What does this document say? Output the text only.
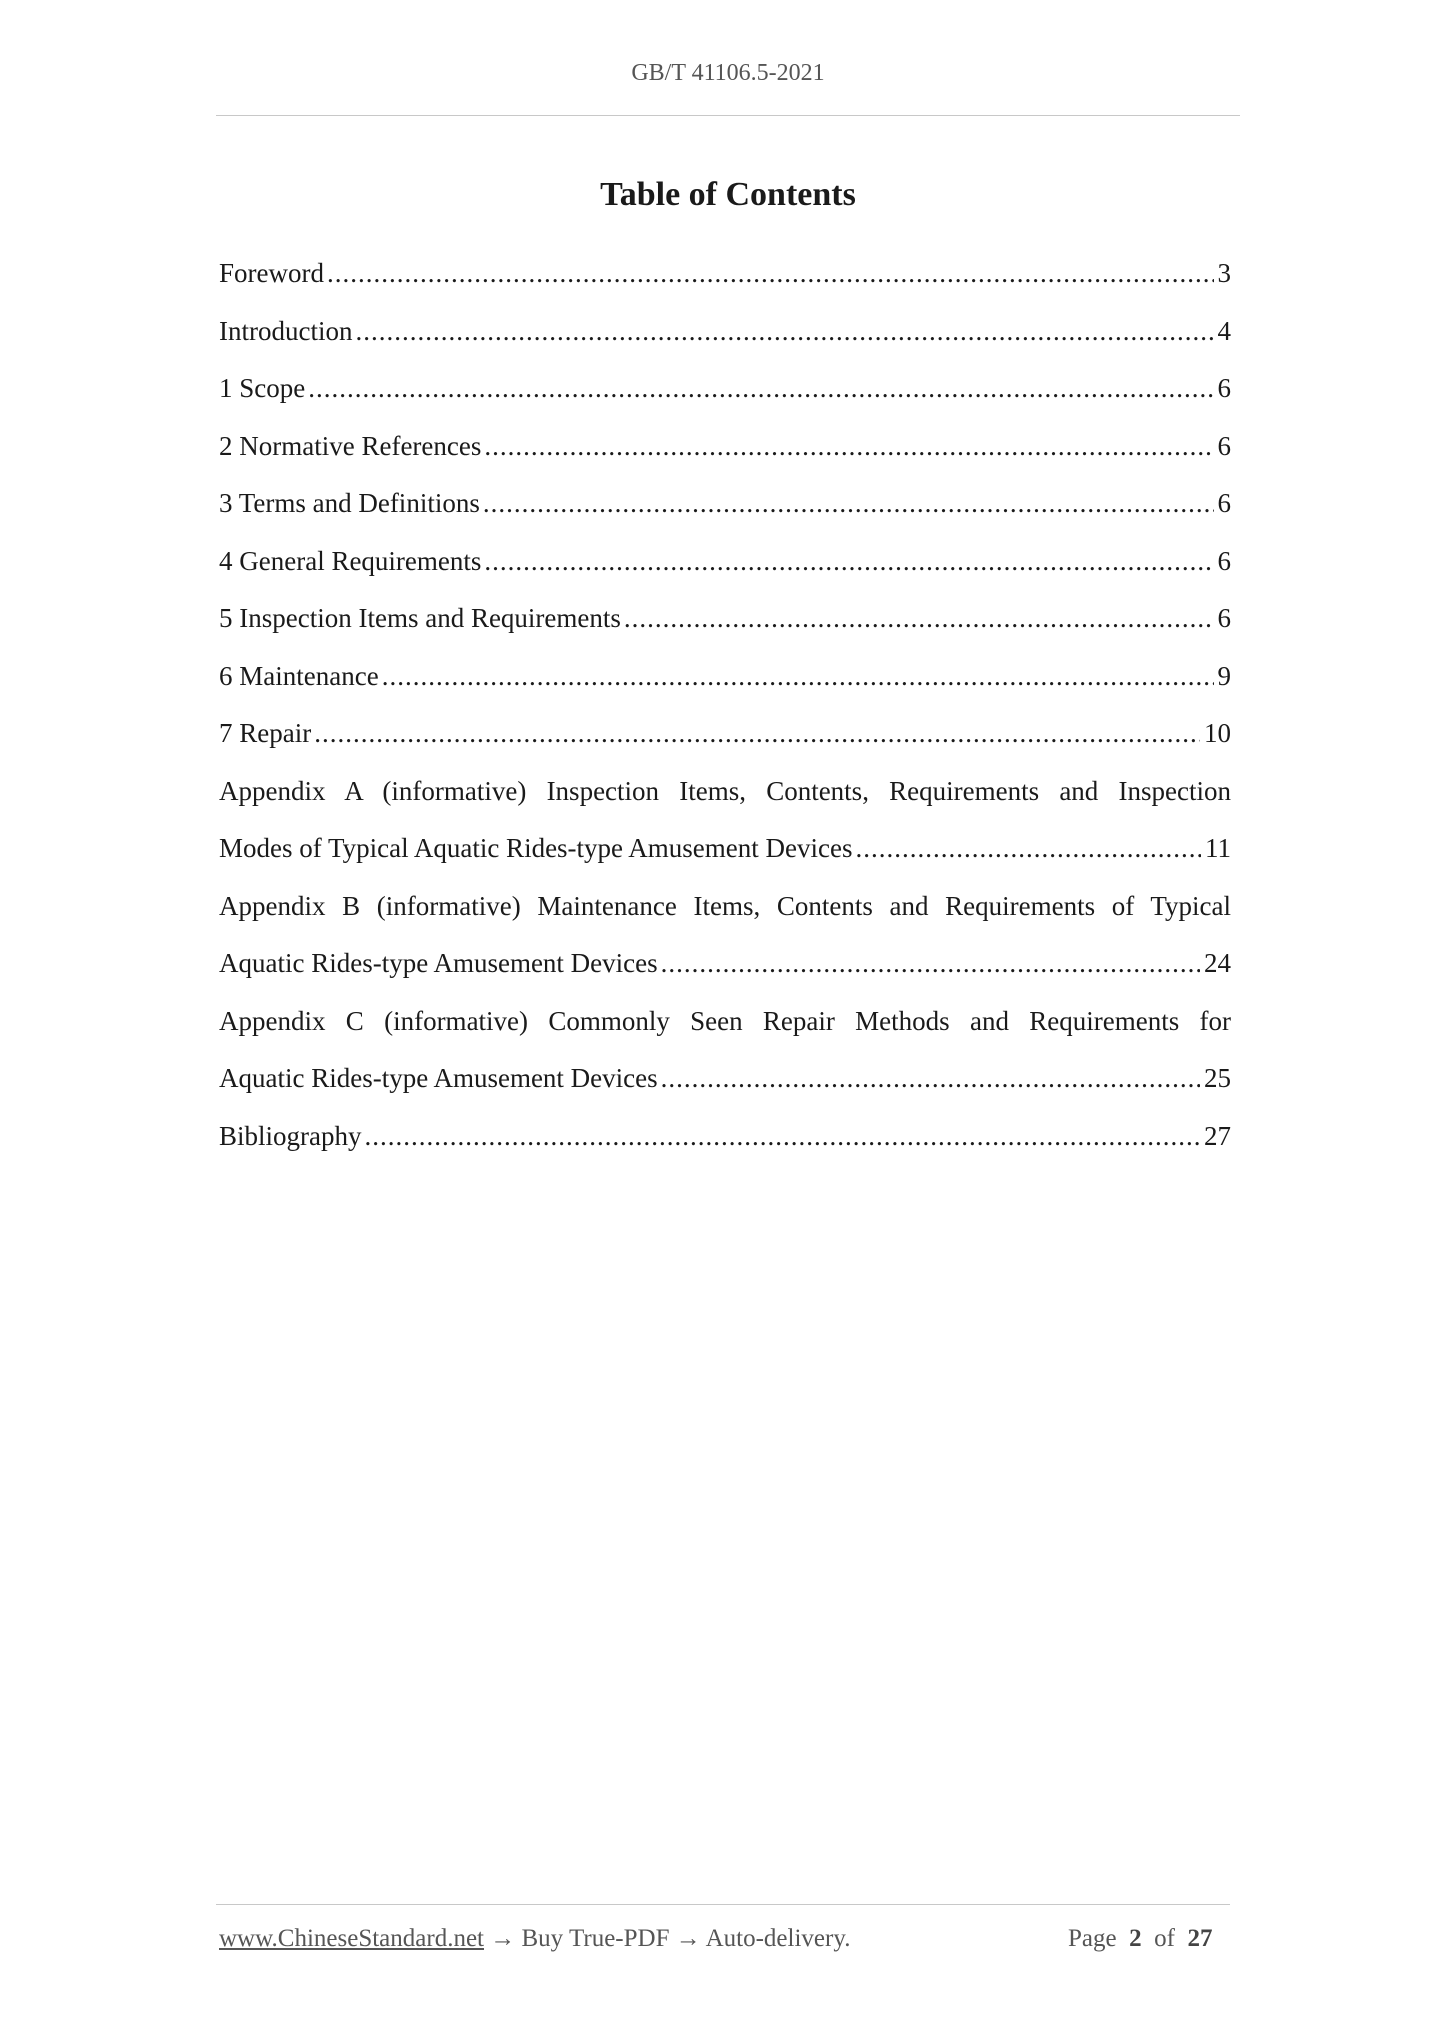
GB/T 41106.5-2021
Table of Contents
Foreword .....	3
Introduction .....	4
1 Scope .....	6
2 Normative References .....	6
3 Terms and Definitions .....	6
4 General Requirements .....	6
5 Inspection Items and Requirements .....	6
6 Maintenance .....	9
7 Repair .....	10
Appendix A (informative) Inspection Items, Contents, Requirements and Inspection
Modes of Typical Aquatic Rides-type Amusement Devices .....	11
Appendix B (informative) Maintenance Items, Contents and Requirements of Typical
Aquatic Rides-type Amusement Devices .....	24
Appendix C (informative) Commonly Seen Repair Methods and Requirements for
Aquatic Rides-type Amusement Devices .....	25
Bibliography .....	27
www.ChineseStandard.net → Buy True-PDF → Auto-delivery.	Page 2 of 27
